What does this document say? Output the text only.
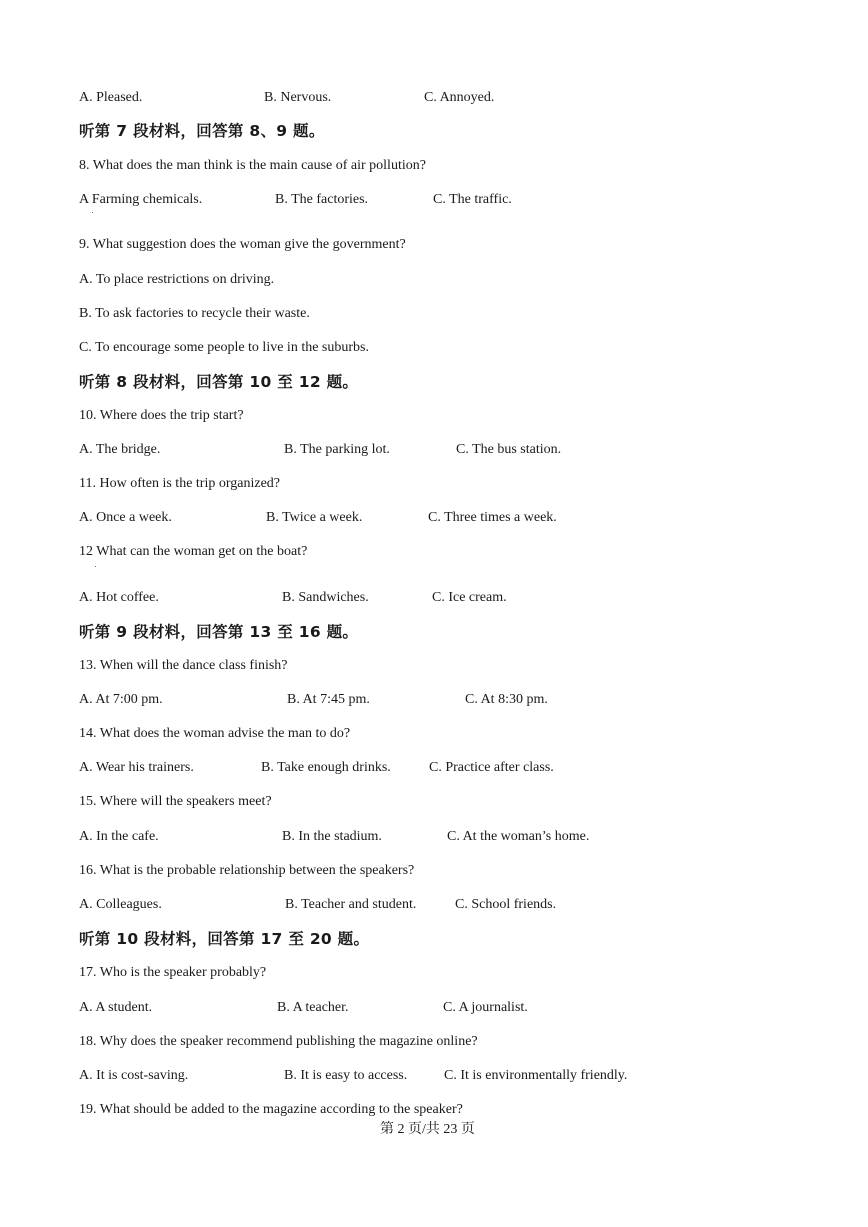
A. Pleased.	B. Nervous.	C. Annoyed.
听第 7 段材料，回答第 8、9 题。
8. What does the man think is the main cause of air pollution?
A Farming chemicals.	B. The factories.	C. The traffic.
9. What suggestion does the woman give the government?
A. To place restrictions on driving.
B. To ask factories to recycle their waste.
C. To encourage some people to live in the suburbs.
听第 8 段材料，回答第 10 至 12 题。
10. Where does the trip start?
A. The bridge.	B. The parking lot.	C. The bus station.
11. How often is the trip organized?
A. Once a week.	B. Twice a week.	C. Three times a week.
12 What can the woman get on the boat?
A. Hot coffee.	B. Sandwiches.	C. Ice cream.
听第 9 段材料，回答第 13 至 16 题。
13. When will the dance class finish?
A. At 7:00 pm.	B. At 7:45 pm.	C. At 8:30 pm.
14. What does the woman advise the man to do?
A. Wear his trainers.	B. Take enough drinks.	C. Practice after class.
15. Where will the speakers meet?
A. In the cafe.	B. In the stadium.	C. At the woman’s home.
16. What is the probable relationship between the speakers?
A. Colleagues.	B. Teacher and student.	C. School friends.
听第 10 段材料，回答第 17 至 20 题。
17. Who is the speaker probably?
A. A student.	B. A teacher.	C. A journalist.
18. Why does the speaker recommend publishing the magazine online?
A. It is cost-saving.	B. It is easy to access.	C. It is environmentally friendly.
19. What should be added to the magazine according to the speaker?
第 2 页/共 23 页
